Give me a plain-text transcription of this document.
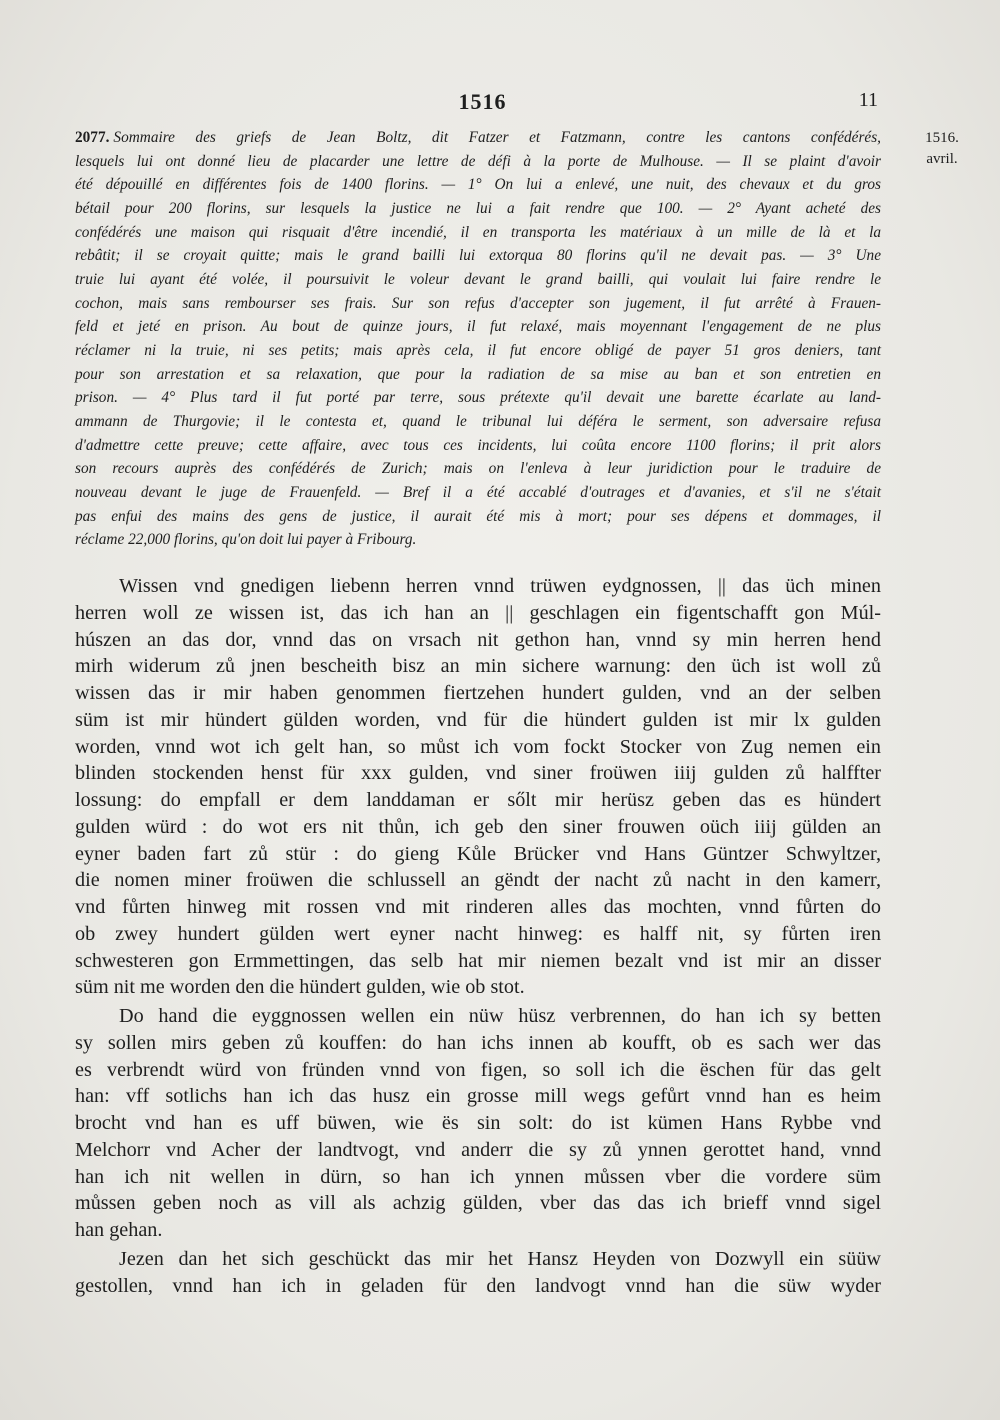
1516	11
1516.
avril.
2077. Sommaire des griefs de Jean Boltz, dit Fatzer et Fatzmann, contre les cantons confédérés,
lesquels lui ont donné lieu de placarder une lettre de défi à la porte de Mulhouse. — Il se plaint d'avoir
été dépouillé en différentes fois de 1400 florins. — 1° On lui a enlevé, une nuit, des chevaux et du gros
bétail pour 200 florins, sur lesquels la justice ne lui a fait rendre que 100. — 2° Ayant acheté des
confédérés une maison qui risquait d'être incendié, il en transporta les matériaux à un mille de là et la
rebâtit; il se croyait quitte; mais le grand bailli lui extorqua 80 florins qu'il ne devait pas. — 3° Une
truie lui ayant été volée, il poursuivit le voleur devant le grand bailli, qui voulait lui faire rendre le
cochon, mais sans rembourser ses frais. Sur son refus d'accepter son jugement, il fut arrêté à Frauen-
feld et jeté en prison. Au bout de quinze jours, il fut relaxé, mais moyennant l'engagement de ne plus
réclamer ni la truie, ni ses petits; mais après cela, il fut encore obligé de payer 51 gros deniers, tant
pour son arrestation et sa relaxation, que pour la radiation de sa mise au ban et son entretien en
prison. — 4° Plus tard il fut porté par terre, sous prétexte qu'il devait une barette écarlate au land-
ammann de Thurgovie; il le contesta et, quand le tribunal lui déféra le serment, son adversaire refusa
d'admettre cette preuve; cette affaire, avec tous ces incidents, lui coûta encore 1100 florins; il prit alors
son recours auprès des confédérés de Zurich; mais on l'enleva à leur juridiction pour le traduire de
nouveau devant le juge de Frauenfeld. — Bref il a été accablé d'outrages et d'avanies, et s'il ne s'était
pas enfui des mains des gens de justice, il aurait été mis à mort; pour ses dépens et dommages, il
réclame 22,000 florins, qu'on doit lui payer à Fribourg.
Wissen vnd gnedigen liebenn herren vnnd trüwen eydgnossen, || das üch minen
herren woll ze wissen ist, das ich han an || geschlagen ein figentschafft gon Múl-
húszen an das dor, vnnd das on vrsach nit gethon han, vnnd sy min herren hend
mirh widerum zů jnen bescheith bisz an min sichere warnung: den üch ist woll zů
wissen das ir mir haben genommen fiertzehen hundert gulden, vnd an der selben
süm ist mir hündert gülden worden, vnd für die hündert gulden ist mir lx gulden
worden, vnnd wot ich gelt han, so můst ich vom fockt Stocker von Zug nemen ein
blinden stockenden henst für xxx gulden, vnd siner froüwen iiij gulden zů halffter
lossung: do empfall er dem landdaman er sőlt mir herüsz geben das es hündert
gulden würd : do wot ers nit thůn, ich geb den siner frouwen oüch iiij gülden an
eyner baden fart zů stür : do gieng Kůle Brücker vnd Hans Güntzer Schwyltzer,
die nomen miner froüwen die schlussell an gëndt der nacht zů nacht in den kamerr,
vnd fůrten hinweg mit rossen vnd mit rinderen alles das mochten, vnnd fůrten do
ob zwey hundert gülden wert eyner nacht hinweg: es halff nit, sy fůrten iren
schwesteren gon Ermmettingen, das selb hat mir niemen bezalt vnd ist mir an disser
süm nit me worden den die hündert gulden, wie ob stot.
Do hand die eyggnossen wellen ein nüw hüsz verbrennen, do han ich sy betten
sy sollen mirs geben zů kouffen: do han ichs innen ab koufft, ob es sach wer das
es verbrendt würd von fründen vnnd von figen, so soll ich die ëschen für das gelt
han: vff sotlichs han ich das husz ein grosse mill wegs gefůrt vnnd han es heim
brocht vnd han es uff büwen, wie ës sin solt: do ist kümen Hans Rybbe vnd
Melchorr vnd Acher der landtvogt, vnd anderr die sy zů ynnen gerottet hand, vnnd
han ich nit wellen in dürn, so han ich ynnen můssen vber die vordere süm
můssen geben noch as vill als achzig gülden, vber das das ich brieff vnnd sigel
han gehan.
Jezen dan het sich geschückt das mir het Hansz Heyden von Dozwyll ein süüw
gestollen, vnnd han ich in geladen für den landvogt vnnd han die süw wyder
